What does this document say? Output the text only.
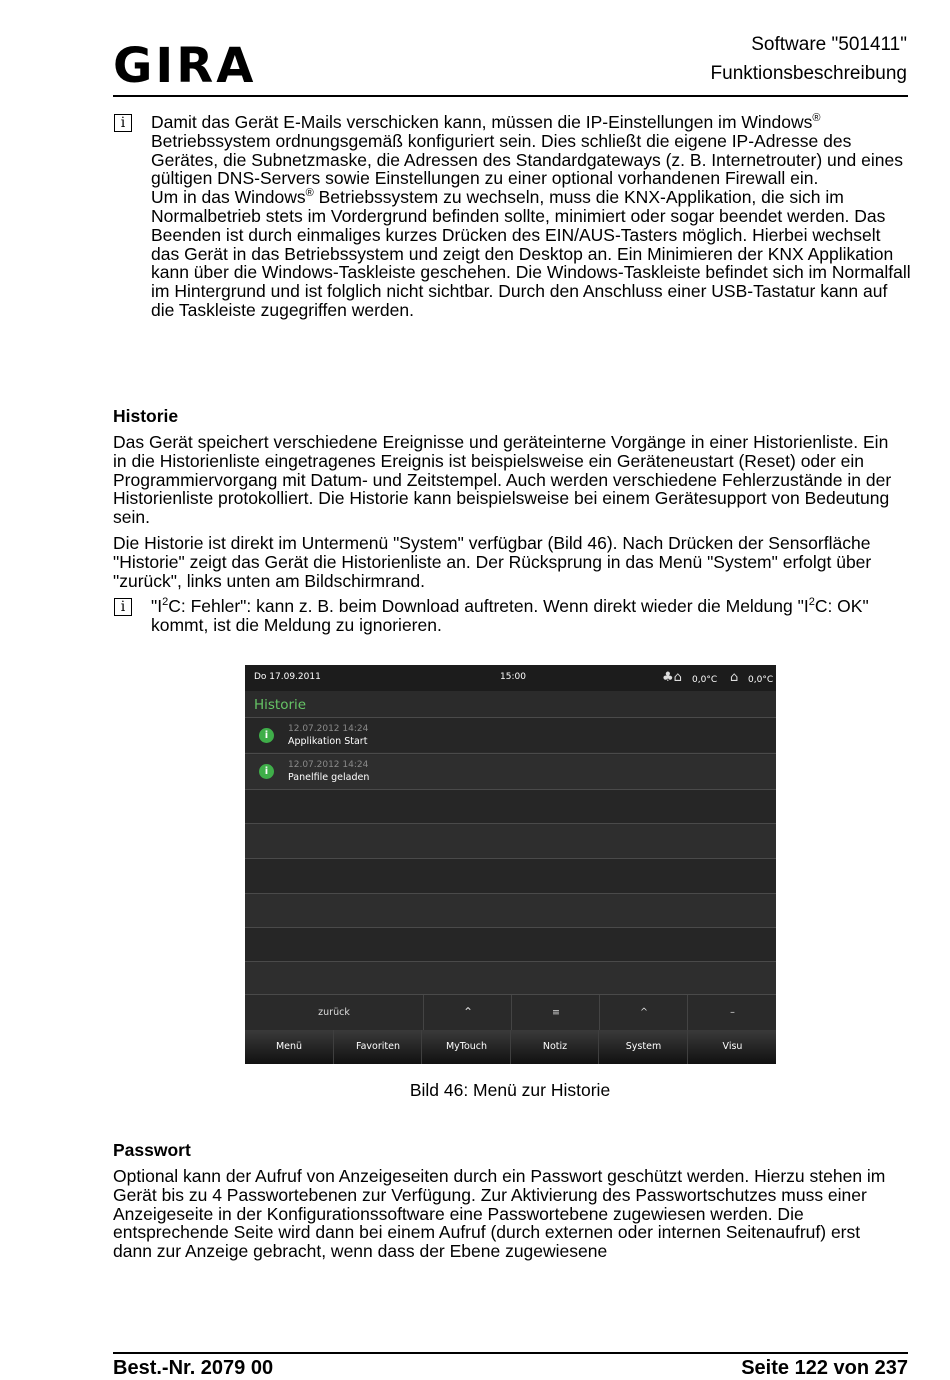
GIRA	Software "501411"
Funktionsbeschreibung
i	Damit das Gerät E-Mails verschicken kann, müssen die IP-Einstellungen im Windows® Betriebssystem ordnungsgemäß konfiguriert sein. Dies schließt die eigene IP-Adresse des Gerätes, die Subnetzmaske, die Adressen des Standardgateways (z. B. Internetrouter) und eines gültigen DNS-Servers sowie Einstellungen zu einer optional vorhandenen Firewall ein.
Um in das Windows® Betriebssystem zu wechseln, muss die KNX-Applikation, die sich im Normalbetrieb stets im Vordergrund befinden sollte, minimiert oder sogar beendet werden. Das Beenden ist durch einmaliges kurzes Drücken des EIN/AUS-Tasters möglich. Hierbei wechselt das Gerät in das Betriebssystem und zeigt den Desktop an. Ein Minimieren der KNX Applikation kann über die Windows-Taskleiste geschehen. Die Windows-Taskleiste befindet sich im Normalfall im Hintergrund und ist folglich nicht sichtbar. Durch den Anschluss einer USB-Tastatur kann auf die Taskleiste zugegriffen werden.
Historie
Das Gerät speichert verschiedene Ereignisse und geräteinterne Vorgänge in einer Historienliste. Ein in die Historienliste eingetragenes Ereignis ist beispielsweise ein Geräteneustart (Reset) oder ein Programmiervorgang mit Datum- und Zeitstempel. Auch werden verschiedene Fehlerzustände in der Historienliste protokolliert. Die Historie kann beispielsweise bei einem Gerätesupport von Bedeutung sein.
Die Historie ist direkt im Untermenü "System" verfügbar (Bild 46). Nach Drücken der Sensorfläche "Historie" zeigt das Gerät die Historienliste an. Der Rücksprung in das Menü "System" erfolgt über "zurück", links unten am Bildschirmrand.
i	"$I^2C$: Fehler": kann z. B. beim Download auftreten. Wenn direkt wieder die Meldung "$I^2C$: OK" kommt, ist die Meldung zu ignorieren.
Do 17.09.2011	15:00	♣⌂ 0,0°C ⌂ 0,0°C
Historie
i
12.07.2012 14:24
Applikation Start
i
12.07.2012 14:24
Panelfile geladen
zurück	⌃	≡	^	–
Menü	Favoriten	MyTouch	Notiz	System	Visu
Bild 46: Menü zur Historie
Passwort
Optional kann der Aufruf von Anzeigeseiten durch ein Passwort geschützt werden. Hierzu stehen im Gerät bis zu 4 Passwortebenen zur Verfügung. Zur Aktivierung des Passwortschutzes muss einer Anzeigeseite in der Konfigurationssoftware eine Passwortebene zugewiesen werden. Die entsprechende Seite wird dann bei einem Aufruf (durch externen oder internen Seitenaufruf) erst dann zur Anzeige gebracht, wenn dass der Ebene zugewiesene
Best.-Nr. 2079 00	Seite 122 von 237
